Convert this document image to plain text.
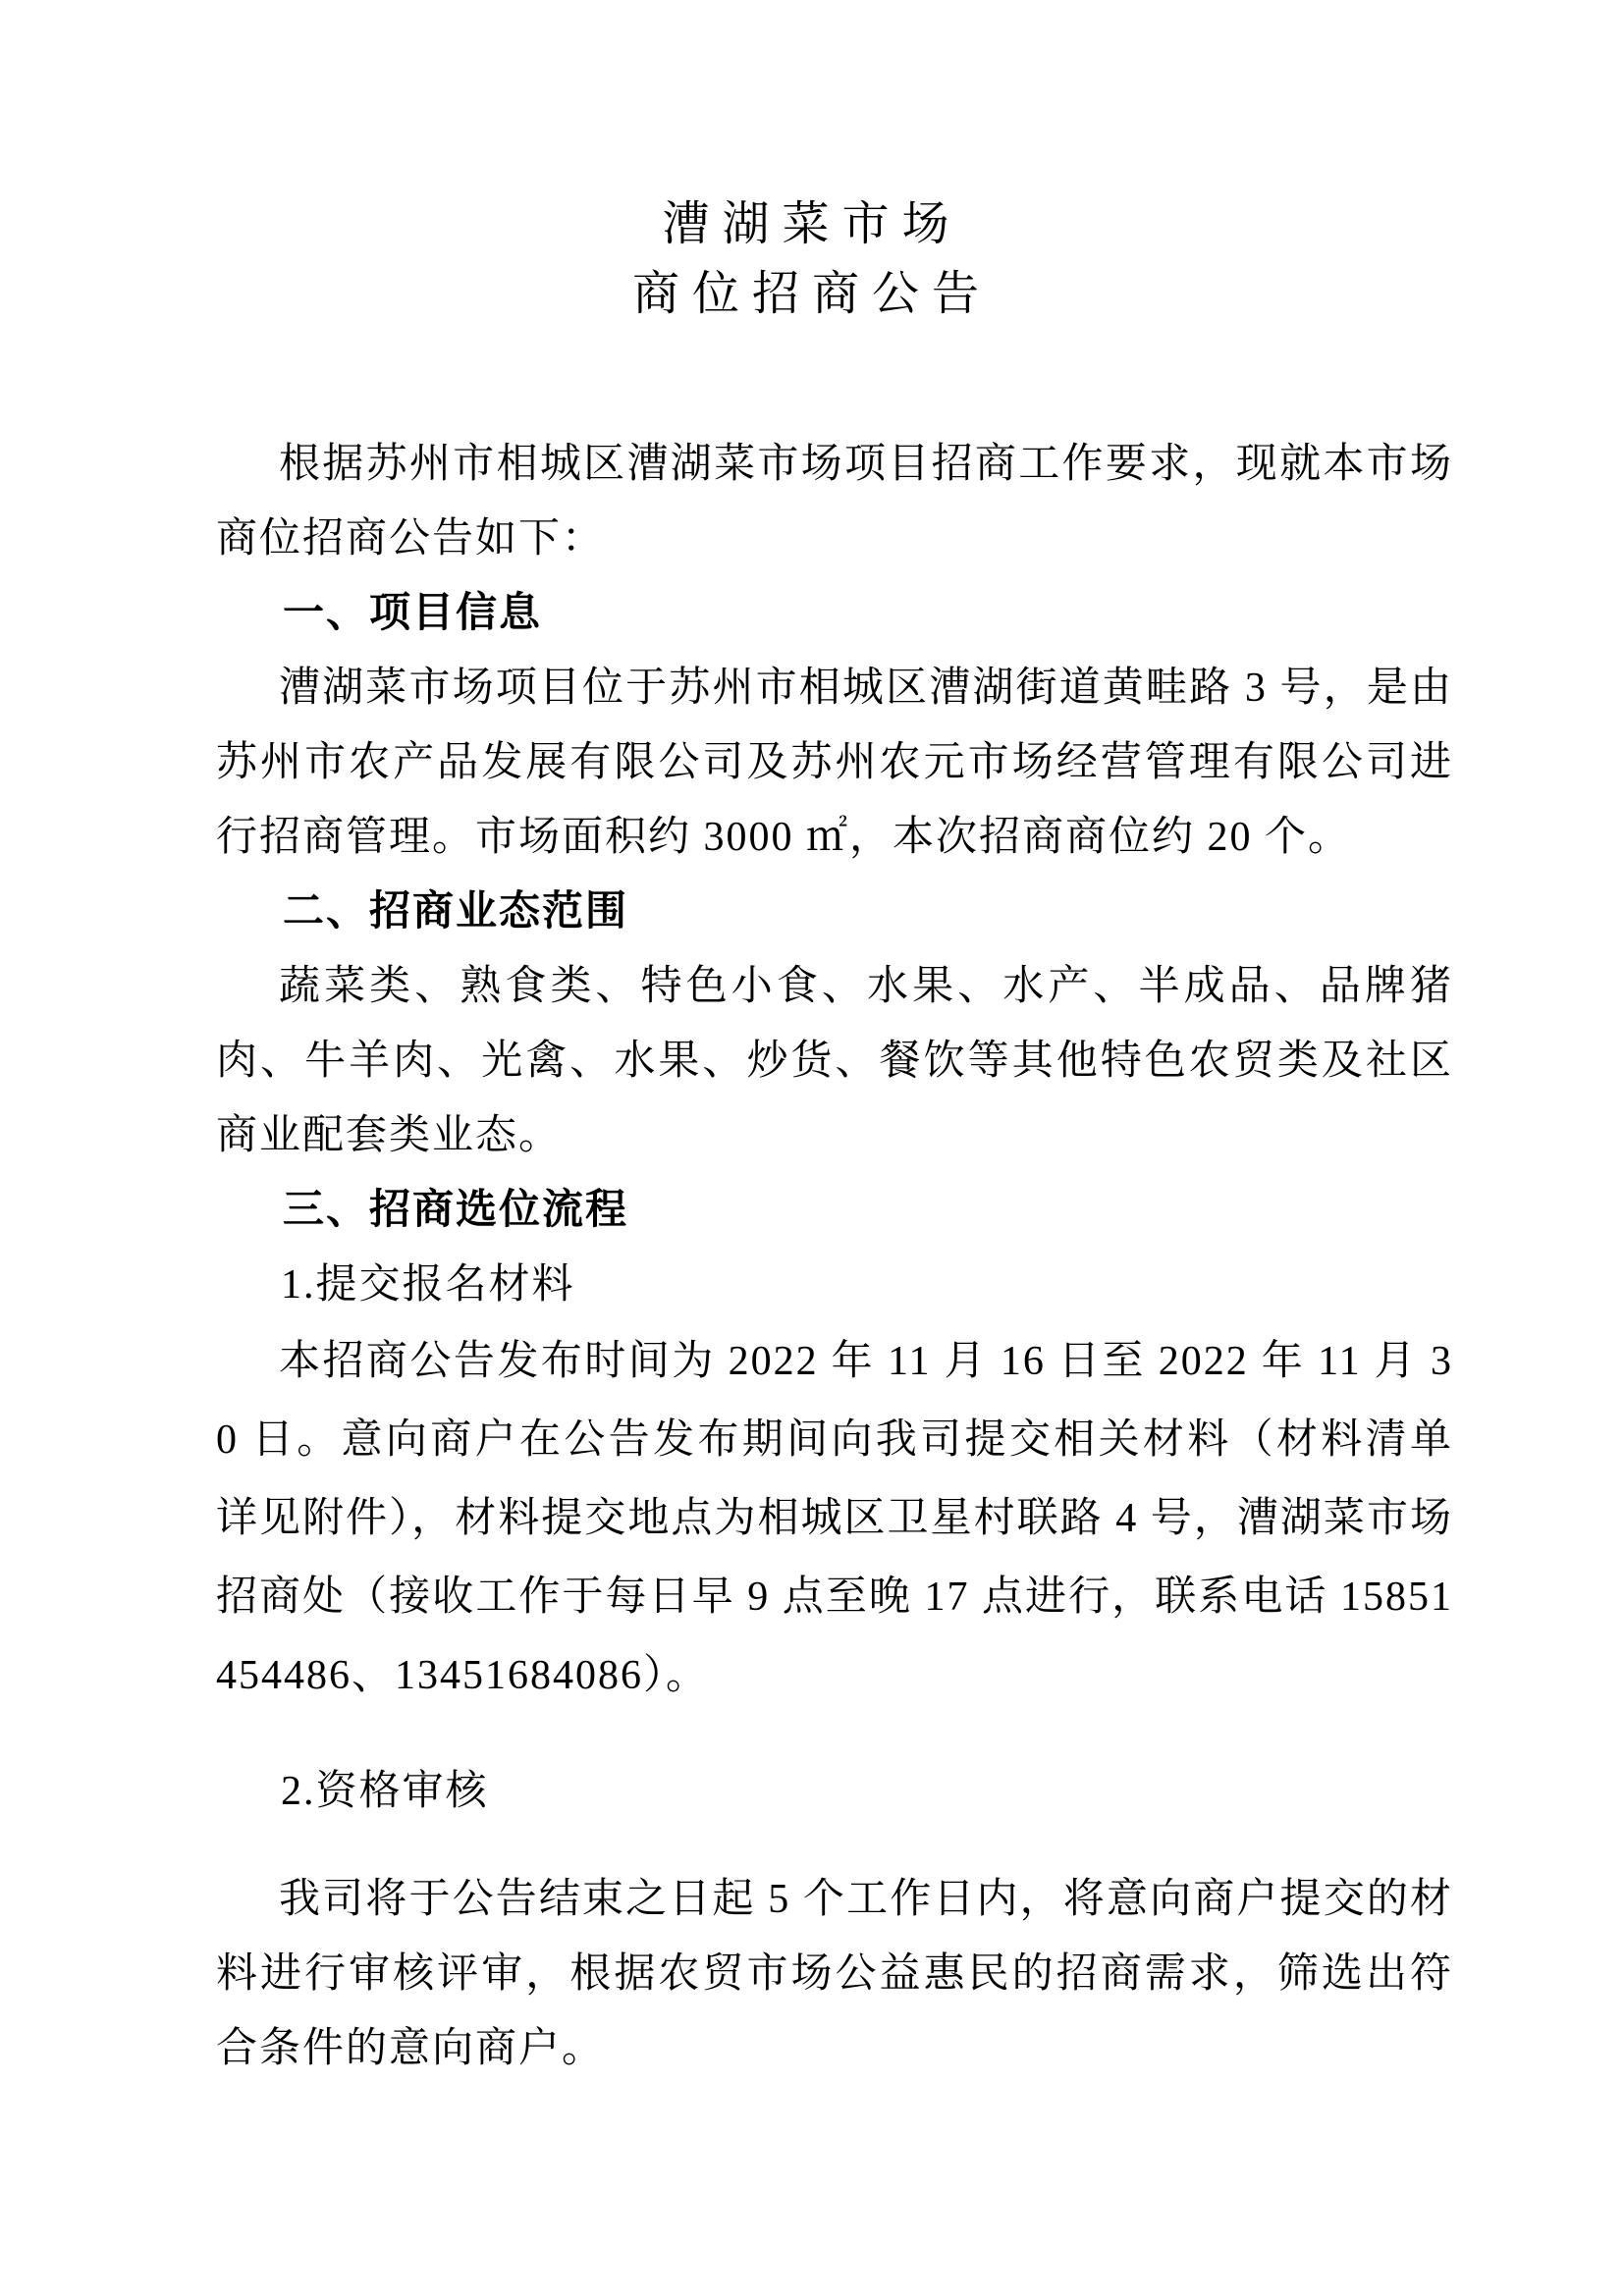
漕湖菜市场
商位招商公告

根据苏州市相城区漕湖菜市场项目招商工作要求，现就本市场商位招商公告如下：

一、项目信息

漕湖菜市场项目位于苏州市相城区漕湖街道黄畦路 3 号，是由苏州市农产品发展有限公司及苏州农元市场经营管理有限公司进行招商管理。市场面积约 3000 ㎡，本次招商商位约 20 个。

二、招商业态范围

蔬菜类、熟食类、特色小食、水果、水产、半成品、品牌猪肉、牛羊肉、光禽、水果、炒货、餐饮等其他特色农贸类及社区商业配套类业态。

三、招商选位流程

1.提交报名材料

本招商公告发布时间为 2022 年 11 月 16 日至 2022 年 11 月 30 日。意向商户在公告发布期间向我司提交相关材料（材料清单详见附件），材料提交地点为相城区卫星村联路 4 号，漕湖菜市场招商处（接收工作于每日早 9 点至晚 17 点进行，联系电话 15851454486、13451684086）。

2.资格审核

我司将于公告结束之日起 5 个工作日内，将意向商户提交的材料进行审核评审，根据农贸市场公益惠民的招商需求，筛选出符合条件的意向商户。
